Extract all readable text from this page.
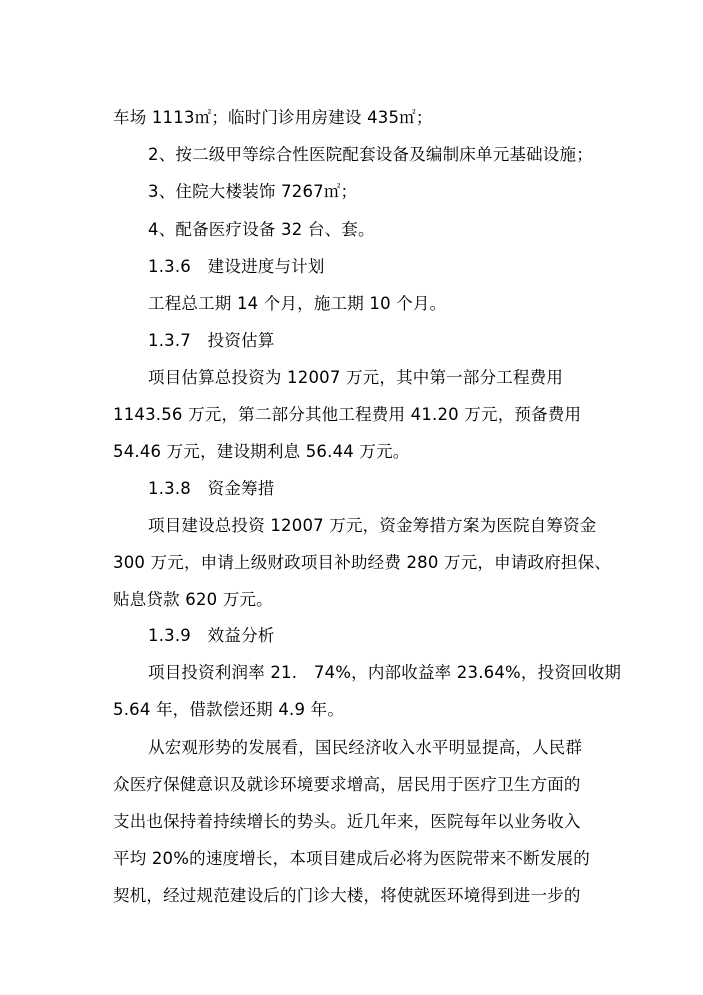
车场 1113㎡；临时门诊用房建设 435㎡；
2、按二级甲等综合性医院配套设备及编制床单元基础设施；
3、住院大楼装饰 7267㎡；
4、配备医疗设备 32 台、套。
1.3.6　建设进度与计划
工程总工期 14 个月，施工期 10 个月。
1.3.7　投资估算
项目估算总投资为 12007 万元，其中第一部分工程费用
1143.56 万元，第二部分其他工程费用 41.20 万元，预备费用
54.46 万元，建设期利息 56.44 万元。
1.3.8　资金筹措
项目建设总投资 12007 万元，资金筹措方案为医院自筹资金
300 万元，申请上级财政项目补助经费 280 万元，申请政府担保、
贴息贷款 620 万元。
1.3.9　效益分析
项目投资利润率 21.　74%，内部收益率 23.64%，投资回收期
5.64 年，借款偿还期 4.9 年。
从宏观形势的发展看，国民经济收入水平明显提高，人民群
众医疗保健意识及就诊环境要求增高，居民用于医疗卫生方面的
支出也保持着持续增长的势头。近几年来，医院每年以业务收入
平均 20%的速度增长，本项目建成后必将为医院带来不断发展的
契机，经过规范建设后的门诊大楼，将使就医环境得到进一步的
